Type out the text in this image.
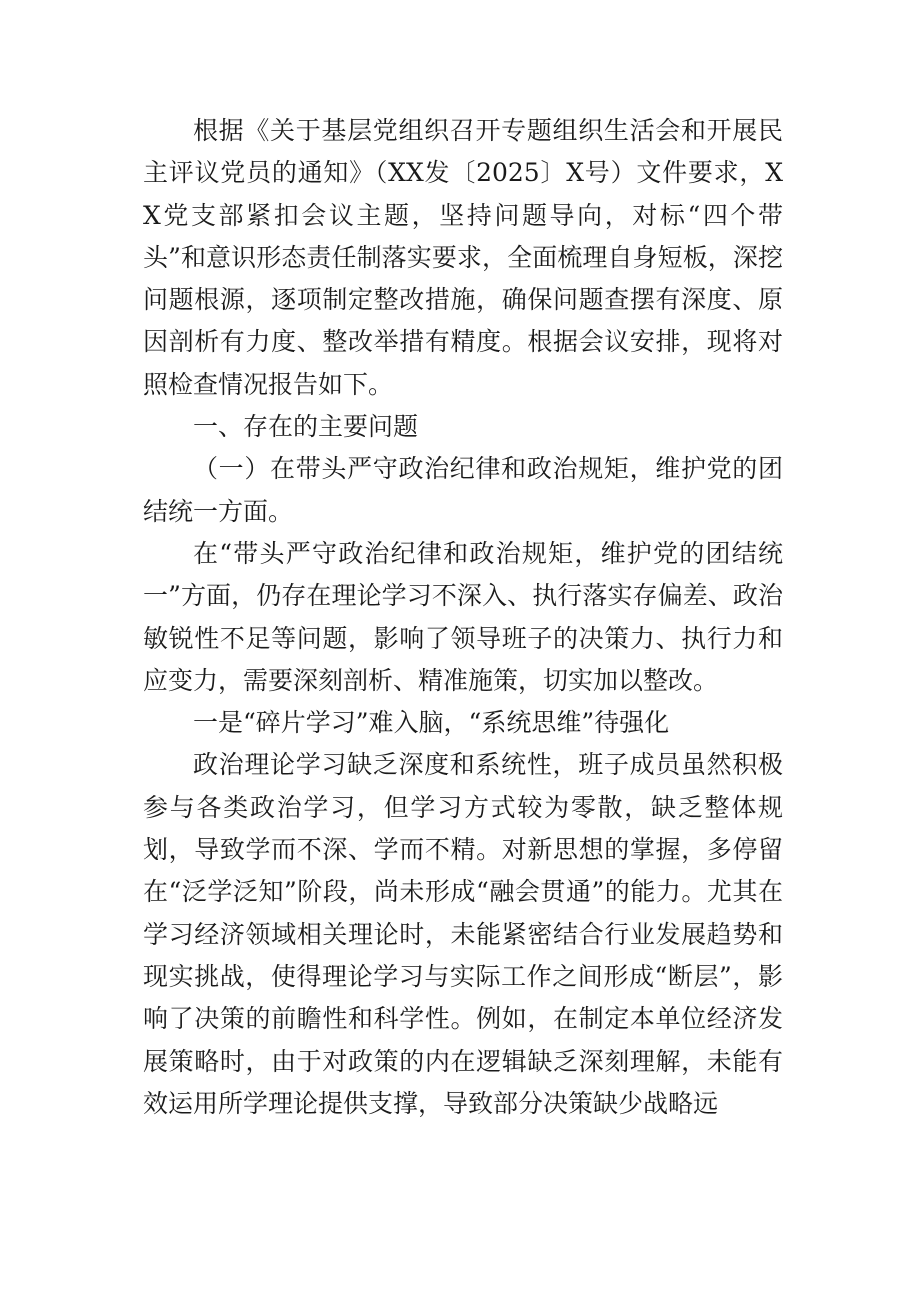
根据《关于基层党组织召开专题组织生活会和开展民主评议党员的通知》（XX发〔2025〕X号）文件要求，XX党支部紧扣会议主题，坚持问题导向，对标“四个带头”和意识形态责任制落实要求，全面梳理自身短板，深挖问题根源，逐项制定整改措施，确保问题查摆有深度、原因剖析有力度、整改举措有精度。根据会议安排，现将对照检查情况报告如下。

一、存在的主要问题

（一）在带头严守政治纪律和政治规矩，维护党的团结统一方面。

在“带头严守政治纪律和政治规矩，维护党的团结统一”方面，仍存在理论学习不深入、执行落实存偏差、政治敏锐性不足等问题，影响了领导班子的决策力、执行力和应变力，需要深刻剖析、精准施策，切实加以整改。

一是“碎片学习”难入脑，“系统思维”待强化

政治理论学习缺乏深度和系统性，班子成员虽然积极参与各类政治学习，但学习方式较为零散，缺乏整体规划，导致学而不深、学而不精。对新思想的掌握，多停留在“泛学泛知”阶段，尚未形成“融会贯通”的能力。尤其在学习经济领域相关理论时，未能紧密结合行业发展趋势和现实挑战，使得理论学习与实际工作之间形成“断层”，影响了决策的前瞻性和科学性。例如，在制定本单位经济发展策略时，由于对政策的内在逻辑缺乏深刻理解，未能有效运用所学理论提供支撑，导致部分决策缺少战略远
